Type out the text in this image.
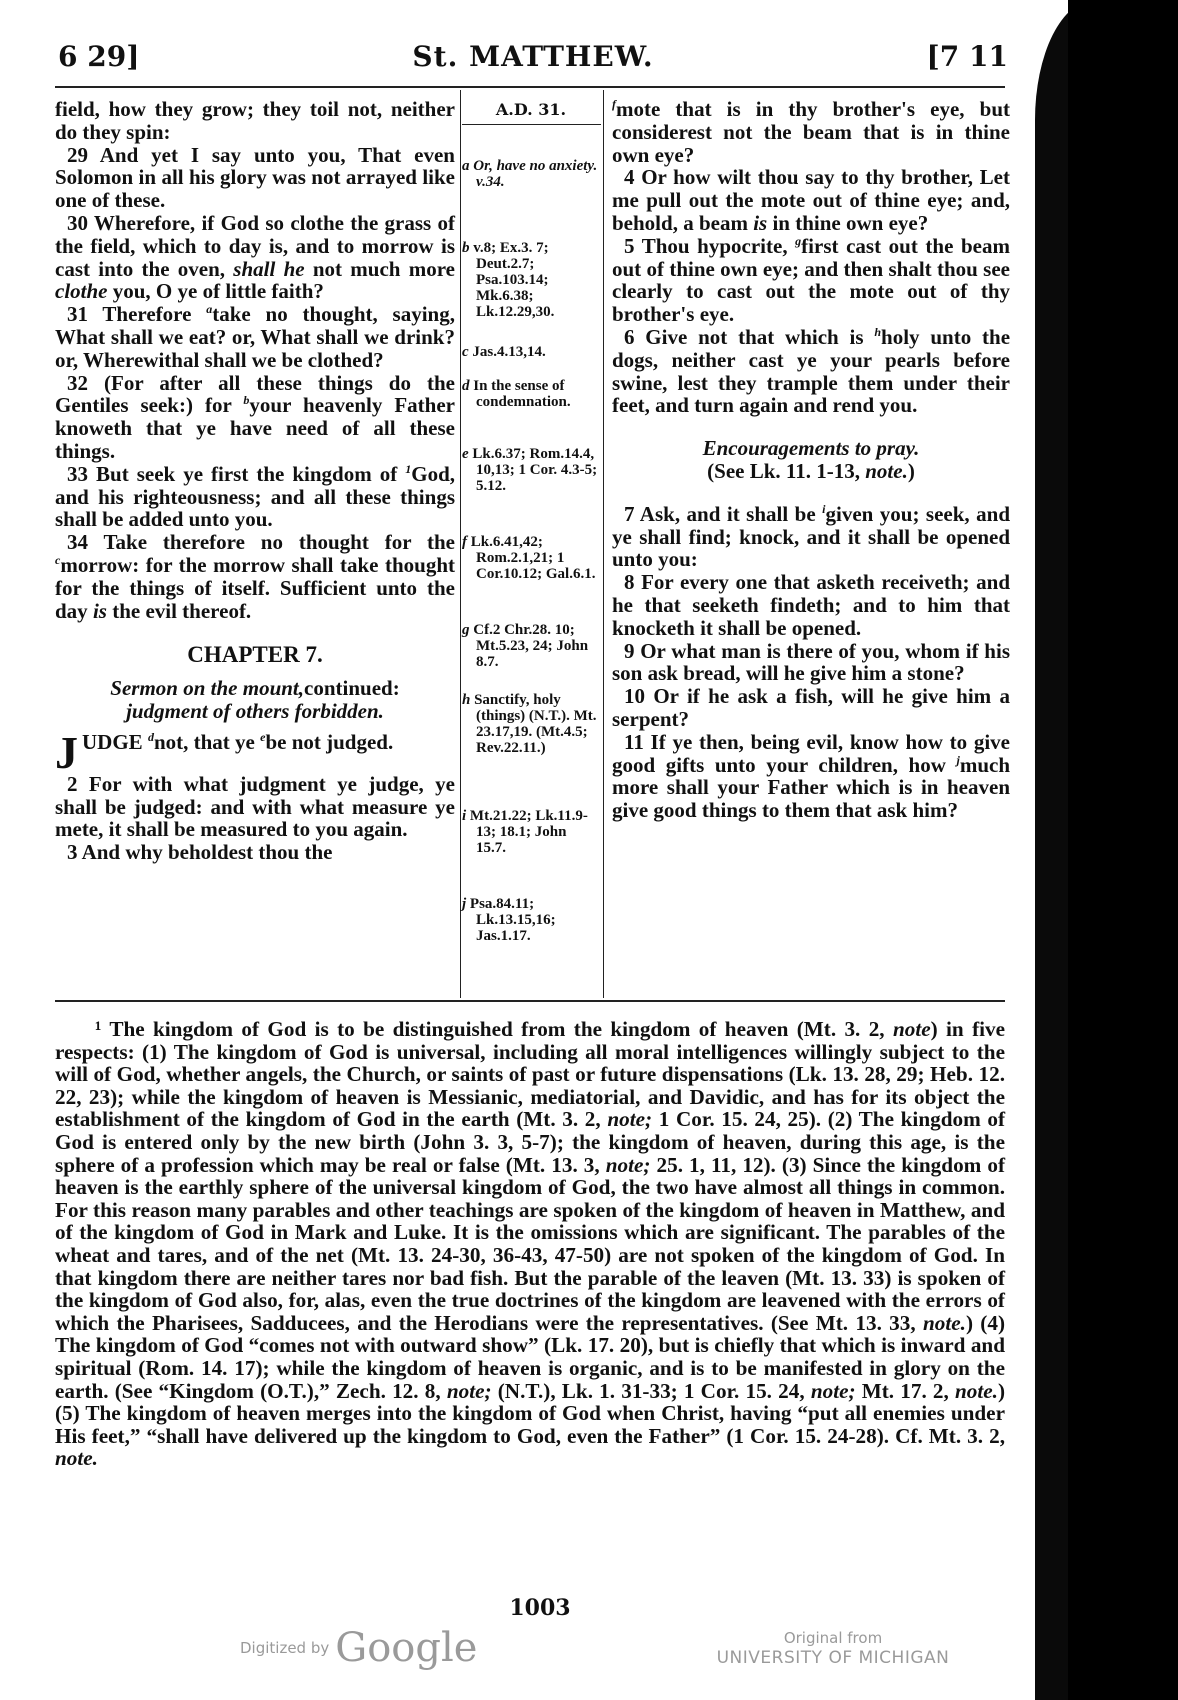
6 29]	St. MATTHEW.	[7 11

field, how they grow; they toil not, neither do they spin:

29 And yet I say unto you, That even Solomon in all his glory was not arrayed like one of these.

30 Wherefore, if God so clothe the grass of the field, which to day is, and to morrow is cast into the oven, shall he not much more clothe you, O ye of little faith?

31 Therefore $^a$take no thought, saying, What shall we eat? or, What shall we drink? or, Wherewithal shall we be clothed?

32 (For after all these things do the Gentiles seek:) for $^b$your heavenly Father knoweth that ye have need of all these things.

33 But seek ye first the kingdom of $^1$God, and his righteousness; and all these things shall be added unto you.

34 Take therefore no thought for the $^c$morrow: for the morrow shall take thought for the things of itself. Sufficient unto the day is the evil thereof.

CHAPTER 7.

Sermon on the mount,continued:

judgment of others forbidden.

JUDGE $^d$not, that ye $^e$be not judged.

2 For with what judgment ye judge, ye shall be judged: and with what measure ye mete, it shall be measured to you again.

3 And why beholdest thou the

A.D. 31.
a Or, have no anxiety. v.34.
b v.8; Ex.3. 7; Deut.2.7; Psa.103.14; Mk.6.38; Lk.12.29,30.
c Jas.4.13,14.
d In the sense of condemnation.
e Lk.6.37; Rom.14.4, 10,13; 1 Cor. 4.3-5; 5.12.
f Lk.6.41,42; Rom.2.1,21; 1 Cor.10.12; Gal.6.1.
g Cf.2 Chr.28. 10; Mt.5.23, 24; John 8.7.
h Sanctify, holy (things) (N.T.). Mt. 23.17,19. (Mt.4.5; Rev.22.11.)
i Mt.21.22; Lk.11.9-13; 18.1; John 15.7.
j Psa.84.11; Lk.13.15,16; Jas.1.17.

$^f$mote that is in thy brother's eye, but considerest not the beam that is in thine own eye?

4 Or how wilt thou say to thy brother, Let me pull out the mote out of thine eye; and, behold, a beam is in thine own eye?

5 Thou hypocrite, $^g$first cast out the beam out of thine own eye; and then shalt thou see clearly to cast out the mote out of thy brother's eye.

6 Give not that which is $^h$holy unto the dogs, neither cast ye your pearls before swine, lest they trample them under their feet, and turn again and rend you.

Encouragements to pray.

(See Lk. 11. 1-13, note.)

7 Ask, and it shall be $^i$given you; seek, and ye shall find; knock, and it shall be opened unto you:

8 For every one that asketh receiveth; and he that seeketh findeth; and to him that knocketh it shall be opened.

9 Or what man is there of you, whom if his son ask bread, will he give him a stone?

10 Or if he ask a fish, will he give him a serpent?

11 If ye then, being evil, know how to give good gifts unto your children, how $^j$much more shall your Father which is in heaven give good things to them that ask him?

¹ The kingdom of God is to be distinguished from the kingdom of heaven (Mt. 3. 2, note) in five respects: (1) The kingdom of God is universal, including all moral intelligences willingly subject to the will of God, whether angels, the Church, or saints of past or future dispensations (Lk. 13. 28, 29; Heb. 12. 22, 23); while the kingdom of heaven is Messianic, mediatorial, and Davidic, and has for its object the establishment of the kingdom of God in the earth (Mt. 3. 2, note; 1 Cor. 15. 24, 25). (2) The kingdom of God is entered only by the new birth (John 3. 3, 5-7); the kingdom of heaven, during this age, is the sphere of a profession which may be real or false (Mt. 13. 3, note; 25. 1, 11, 12). (3) Since the kingdom of heaven is the earthly sphere of the universal kingdom of God, the two have almost all things in common. For this reason many parables and other teachings are spoken of the kingdom of heaven in Matthew, and of the kingdom of God in Mark and Luke. It is the omissions which are significant. The parables of the wheat and tares, and of the net (Mt. 13. 24-30, 36-43, 47-50) are not spoken of the kingdom of God. In that kingdom there are neither tares nor bad fish. But the parable of the leaven (Mt. 13. 33) is spoken of the kingdom of God also, for, alas, even the true doctrines of the kingdom are leavened with the errors of which the Pharisees, Sadducees, and the Herodians were the representatives. (See Mt. 13. 33, note.) (4) The kingdom of God “comes not with outward show” (Lk. 17. 20), but is chiefly that which is inward and spiritual (Rom. 14. 17); while the kingdom of heaven is organic, and is to be manifested in glory on the earth. (See “Kingdom (O.T.),” Zech. 12. 8, note; (N.T.), Lk. 1. 31-33; 1 Cor. 15. 24, note; Mt. 17. 2, note.) (5) The kingdom of heaven merges into the kingdom of God when Christ, having “put all enemies under His feet,” “shall have delivered up the kingdom to God, even the Father” (1 Cor. 15. 24-28). Cf. Mt. 3. 2, note.

1003
Digitized by Google	Original from
UNIVERSITY OF MICHIGAN
